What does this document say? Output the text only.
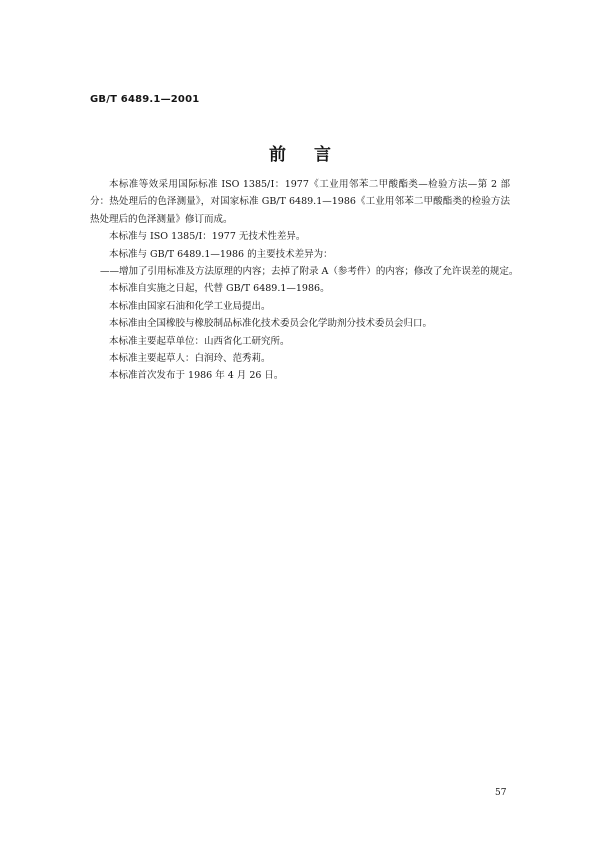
GB/T 6489.1—2001
前言

本标准等效采用国际标准 ISO 1385/Ⅰ：1977《工业用邻苯二甲酸酯类—检验方法—第 2 部分：热处理后的色泽测量》，对国家标准 GB/T 6489.1—1986《工业用邻苯二甲酸酯类的检验方法 热处理后的色泽测量》修订而成。

本标准与 ISO 1385/Ⅰ：1977 无技术性差异。

本标准与 GB/T 6489.1—1986 的主要技术差异为：

——增加了引用标准及方法原理的内容；去掉了附录 A（参考件）的内容；修改了允许误差的规定。

本标准自实施之日起，代替 GB/T 6489.1—1986。

本标准由国家石油和化学工业局提出。

本标准由全国橡胶与橡胶制品标准化技术委员会化学助剂分技术委员会归口。

本标准主要起草单位：山西省化工研究所。

本标准主要起草人：白润玲、范秀莉。

本标准首次发布于 1986 年 4 月 26 日。

57
